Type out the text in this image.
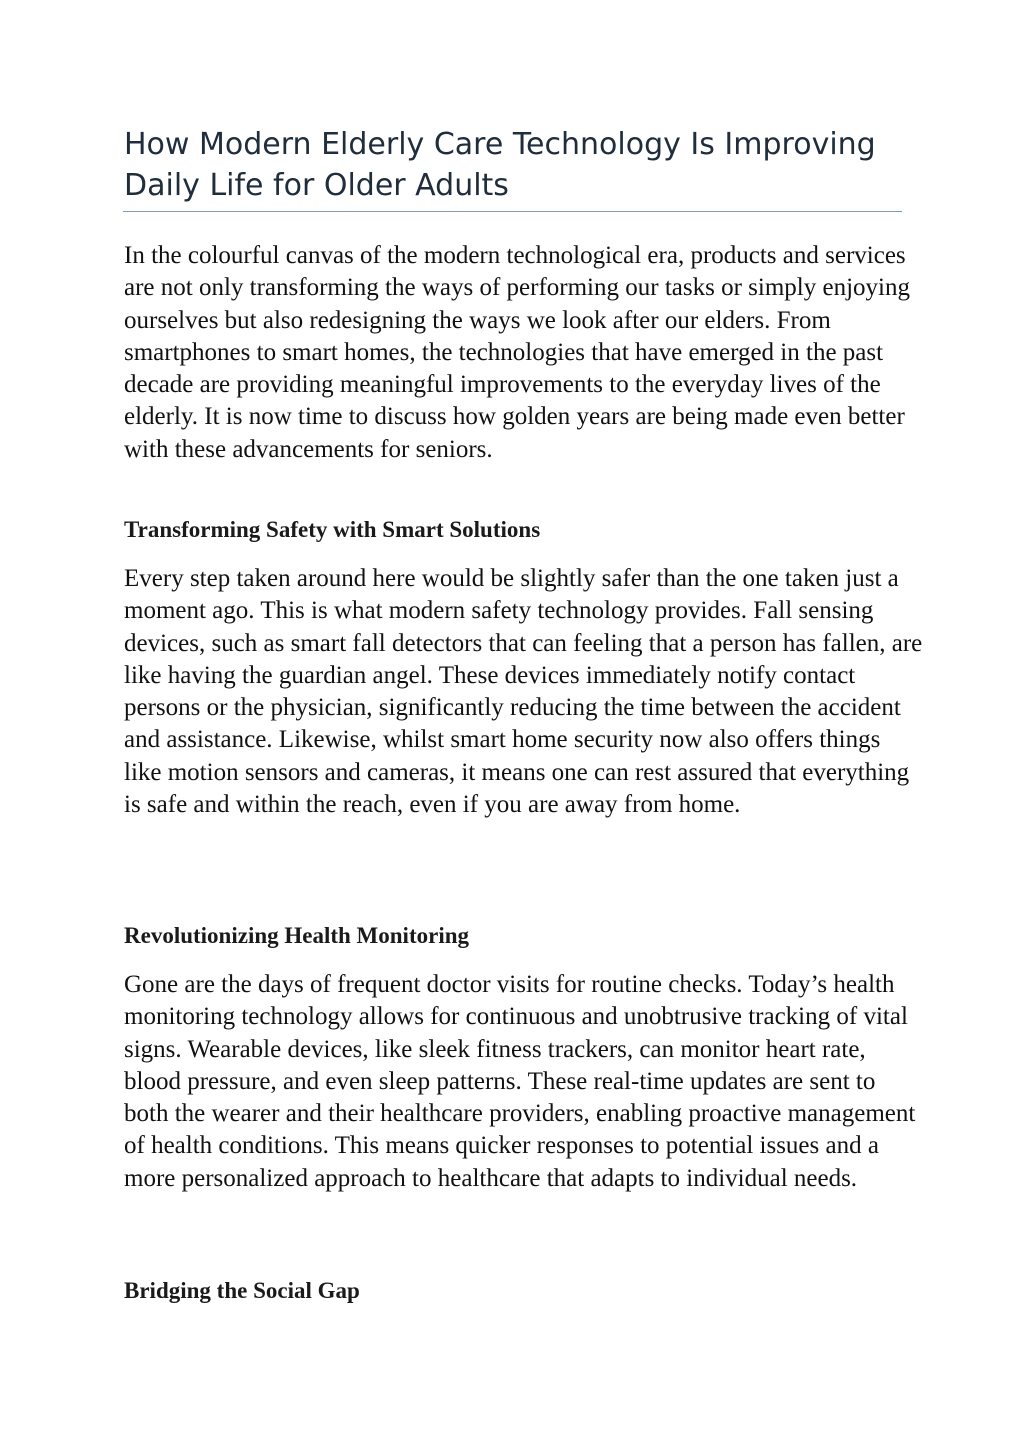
How Modern Elderly Care Technology Is Improving Daily Life for Older Adults

In the colourful canvas of the modern technological era, products and services are not only transforming the ways of performing our tasks or simply enjoying ourselves but also redesigning the ways we look after our elders. From smartphones to smart homes, the technologies that have emerged in the past decade are providing meaningful improvements to the everyday lives of the elderly. It is now time to discuss how golden years are being made even better with these advancements for seniors.

Transforming Safety with Smart Solutions

Every step taken around here would be slightly safer than the one taken just a moment ago. This is what modern safety technology provides. Fall sensing devices, such as smart fall detectors that can feeling that a person has fallen, are like having the guardian angel. These devices immediately notify contact persons or the physician, significantly reducing the time between the accident and assistance. Likewise, whilst smart home security now also offers things like motion sensors and cameras, it means one can rest assured that everything is safe and within the reach, even if you are away from home.

Revolutionizing Health Monitoring

Gone are the days of frequent doctor visits for routine checks. Today’s health monitoring technology allows for continuous and unobtrusive tracking of vital signs. Wearable devices, like sleek fitness trackers, can monitor heart rate, blood pressure, and even sleep patterns. These real-time updates are sent to both the wearer and their healthcare providers, enabling proactive management of health conditions. This means quicker responses to potential issues and a more personalized approach to healthcare that adapts to individual needs.

Bridging the Social Gap
